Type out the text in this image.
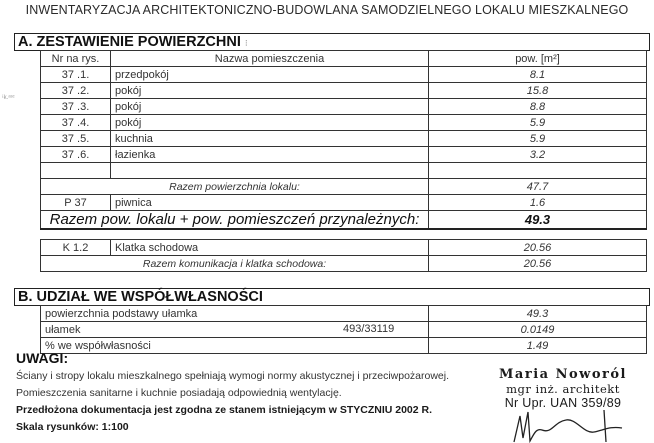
INWENTARYZACJA ARCHITEKTONICZNO-BUDOWLANA SAMODZIELNEGO LOKALU MIESZKALNEGO
ꜟk.ᵃˢᶜ
A. ZESTAWIENIE POWIERZCHNI ⁝
Nr na rys.	Nazwa pomieszczenia	pow. [m²]
37 .1.	przedpokój	8.1
37 .2.	pokój	15.8
37 .3.	pokój	8.8
37 .4.	pokój	5.9
37 .5.	kuchnia	5.9
37 .6.	łazienka	3.2

Razem powierzchnia lokalu:		47.7
P 37	piwnica	1.6
Razem pow. lokalu + pow. pomieszczeń przynależnych:		49.3
K 1.2	Klatka schodowa	20.56
Razem komunikacja i klatka schodowa:		20.56
B. UDZIAŁ WE WSPÓŁWŁASNOŚCI
powierzchnia podstawy ułamka	49.3
ułamek 493/33119	0.0149
% we współwłasności	1.49
UWAGI:
Ściany i stropy lokalu mieszkalnego spełniają wymogi normy akustycznej i przeciwpożarowej.
Pomieszczenia sanitarne i kuchnie posiadają odpowiednią wentylację.
Przedłożona dokumentacja jest zgodna ze stanem istniejącym w STYCZNIU 2002 R.
Skala rysunków: 1:100
Maria Noworól
mgr inż. architekt
Nr Upr. UAN 359/89
